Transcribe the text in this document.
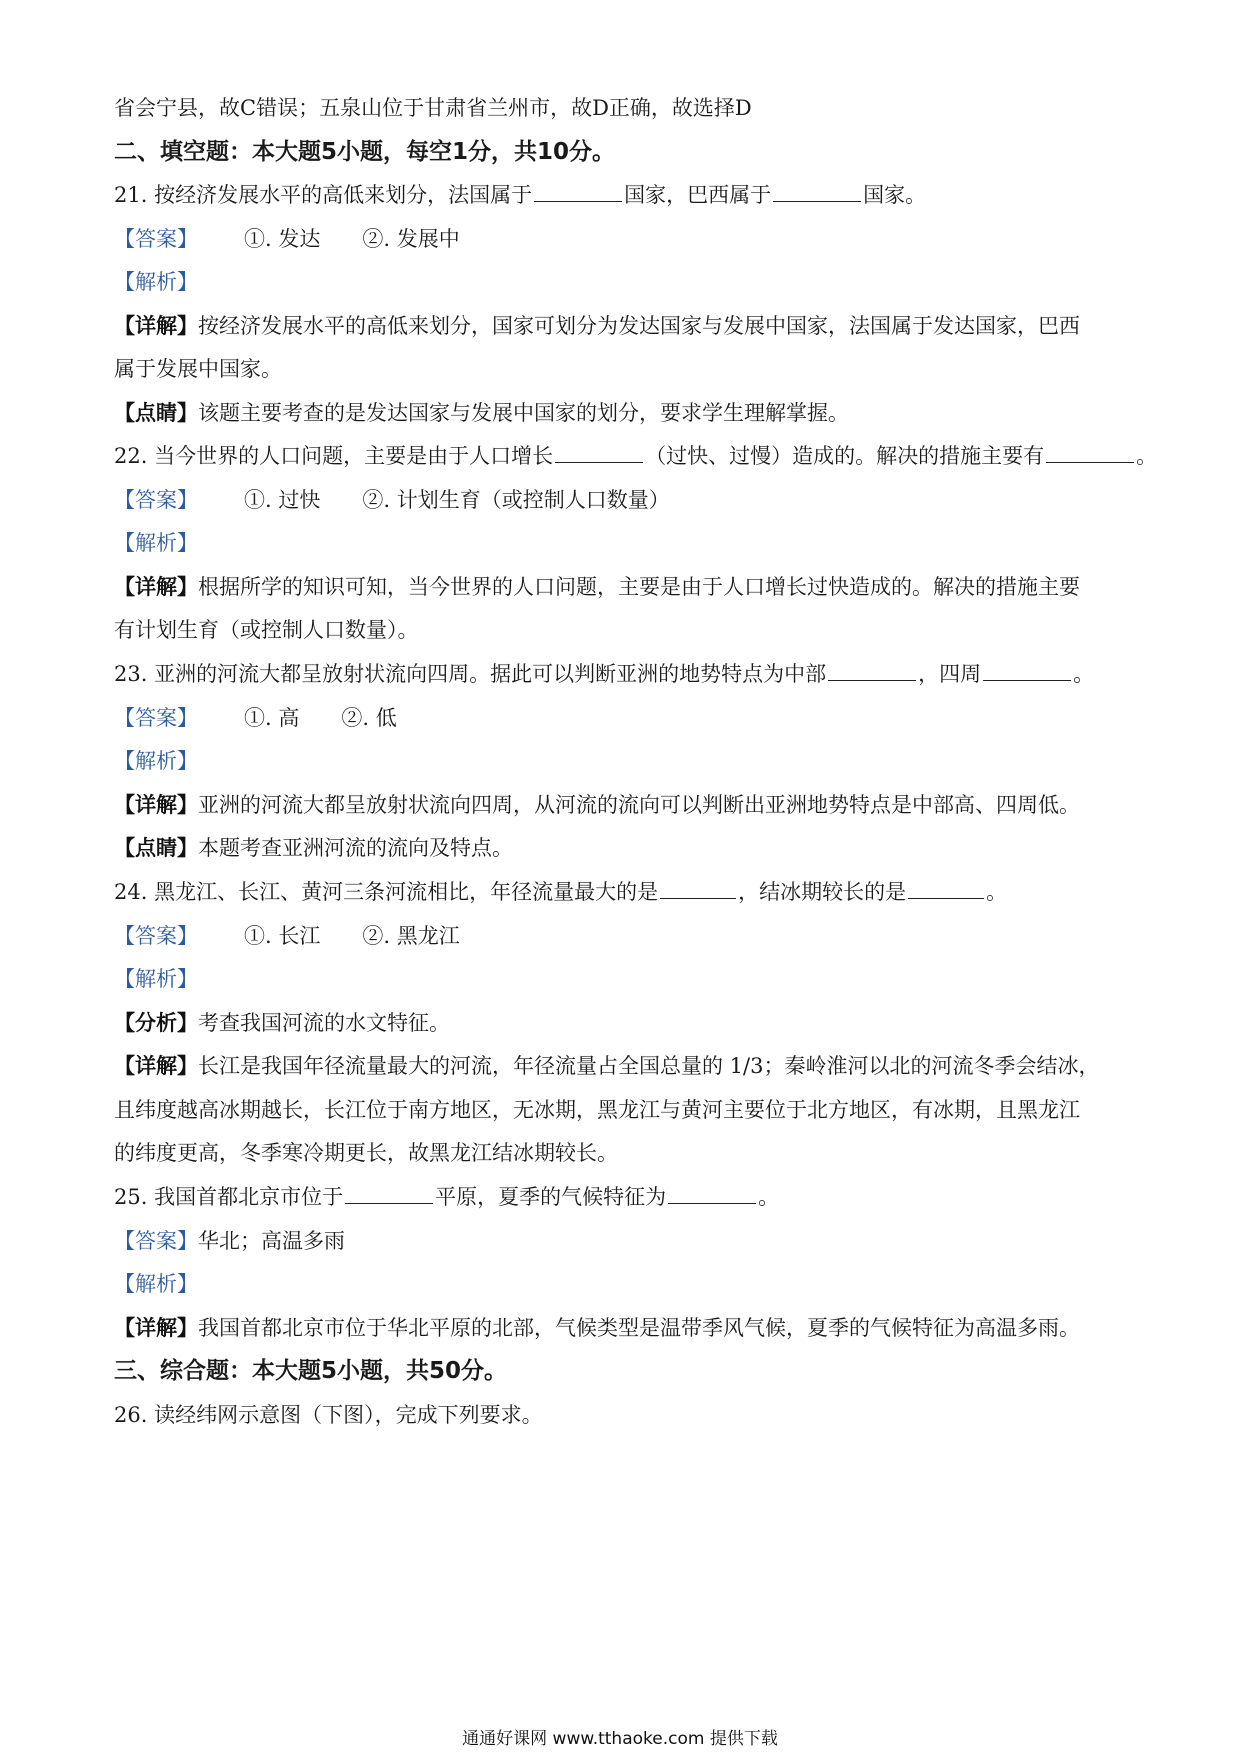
省会宁县，故C错误；五泉山位于甘肃省兰州市，故D正确，故选择D
二、填空题：本大题5小题，每空1分，共10分。
21. 按经济发展水平的高低来划分，法国属于	国家，巴西属于	国家。
【答案】 ①. 发达 ②. 发展中
【解析】
【详解】按经济发展水平的高低来划分，国家可划分为发达国家与发展中国家，法国属于发达国家，巴西
属于发展中国家。
【点睛】该题主要考查的是发达国家与发展中国家的划分，要求学生理解掌握。
22. 当今世界的人口问题，主要是由于人口增长	（过快、过慢）造成的。解决的措施主要有	。
【答案】 ①. 过快 ②. 计划生育（或控制人口数量）
【解析】
【详解】根据所学的知识可知，当今世界的人口问题，主要是由于人口增长过快造成的。解决的措施主要
有计划生育（或控制人口数量）。
23. 亚洲的河流大都呈放射状流向四周。据此可以判断亚洲的地势特点为中部	，四周	。
【答案】 ①. 高 ②. 低
【解析】
【详解】亚洲的河流大都呈放射状流向四周，从河流的流向可以判断出亚洲地势特点是中部高、四周低。
【点睛】本题考查亚洲河流的流向及特点。
24. 黑龙江、长江、黄河三条河流相比，年径流量最大的是	，结冰期较长的是	。
【答案】 ①. 长江 ②. 黑龙江
【解析】
【分析】考查我国河流的水文特征。
【详解】长江是我国年径流量最大的河流，年径流量占全国总量的 1/3；秦岭淮河以北的河流冬季会结冰，
且纬度越高冰期越长，长江位于南方地区，无冰期，黑龙江与黄河主要位于北方地区，有冰期，且黑龙江
的纬度更高，冬季寒冷期更长，故黑龙江结冰期较长。
25. 我国首都北京市位于	平原，夏季的气候特征为	。
【答案】华北；高温多雨
【解析】
【详解】我国首都北京市位于华北平原的北部，气候类型是温带季风气候，夏季的气候特征为高温多雨。
三、综合题：本大题5小题，共50分。
26. 读经纬网示意图（下图），完成下列要求。
通通好课网 www.tthaoke.com 提供下载
